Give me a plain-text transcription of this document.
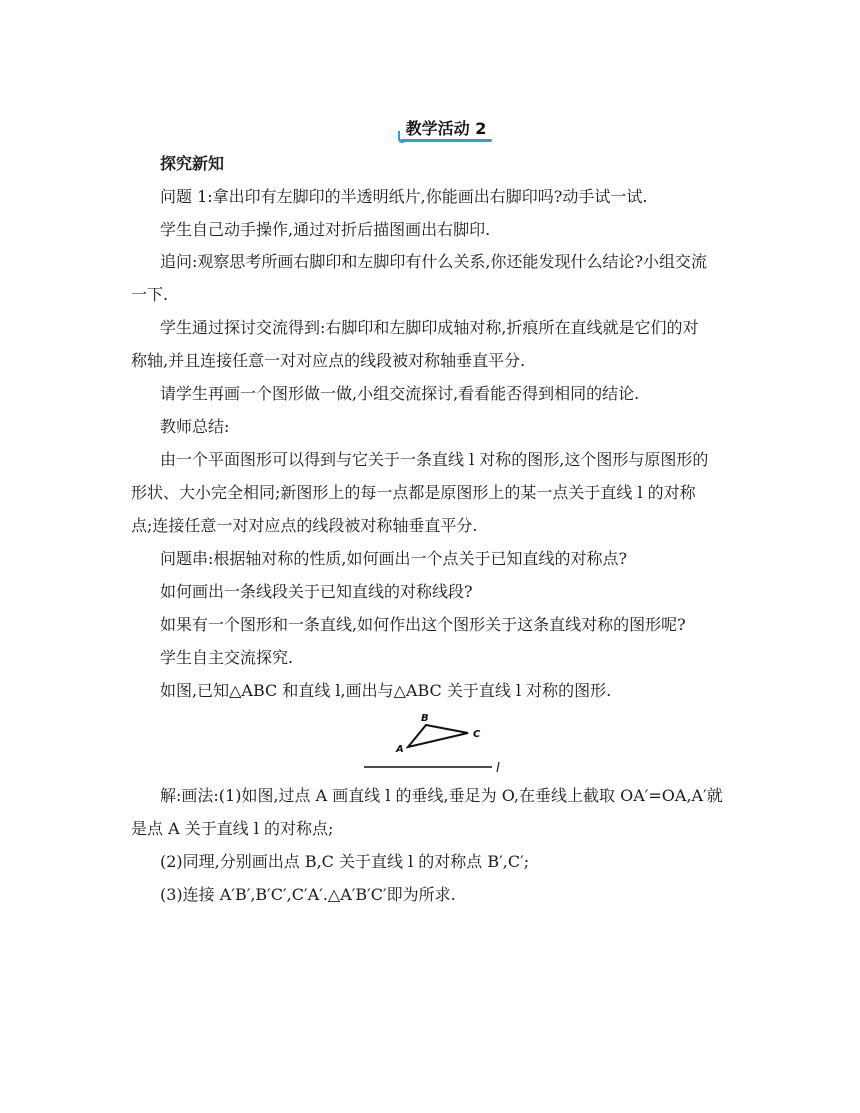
教学活动 2
探究新知
问题 1:拿出印有左脚印的半透明纸片,你能画出右脚印吗?动手试一试.
学生自己动手操作,通过对折后描图画出右脚印.
追问:观察思考所画右脚印和左脚印有什么关系,你还能发现什么结论?小组交流
一下.
学生通过探讨交流得到:右脚印和左脚印成轴对称,折痕所在直线就是它们的对
称轴,并且连接任意一对对应点的线段被对称轴垂直平分.
请学生再画一个图形做一做,小组交流探讨,看看能否得到相同的结论.
教师总结:
由一个平面图形可以得到与它关于一条直线 l 对称的图形,这个图形与原图形的
形状、大小完全相同;新图形上的每一点都是原图形上的某一点关于直线 l 的对称
点;连接任意一对对应点的线段被对称轴垂直平分.
问题串:根据轴对称的性质,如何画出一个点关于已知直线的对称点?
如何画出一条线段关于已知直线的对称线段?
如果有一个图形和一条直线,如何作出这个图形关于这条直线对称的图形呢?
学生自主交流探究.
如图,已知△ABC 和直线 l,画出与△ABC 关于直线 l 对称的图形.
A
B
C
l
解:画法:(1)如图,过点 A 画直线 l 的垂线,垂足为 O,在垂线上截取 OA′=OA,A′就
是点 A 关于直线 l 的对称点;
(2)同理,分别画出点 B,C 关于直线 l 的对称点 B′,C′;
(3)连接 A′B′,B′C′,C′A′.△A′B′C′即为所求.
